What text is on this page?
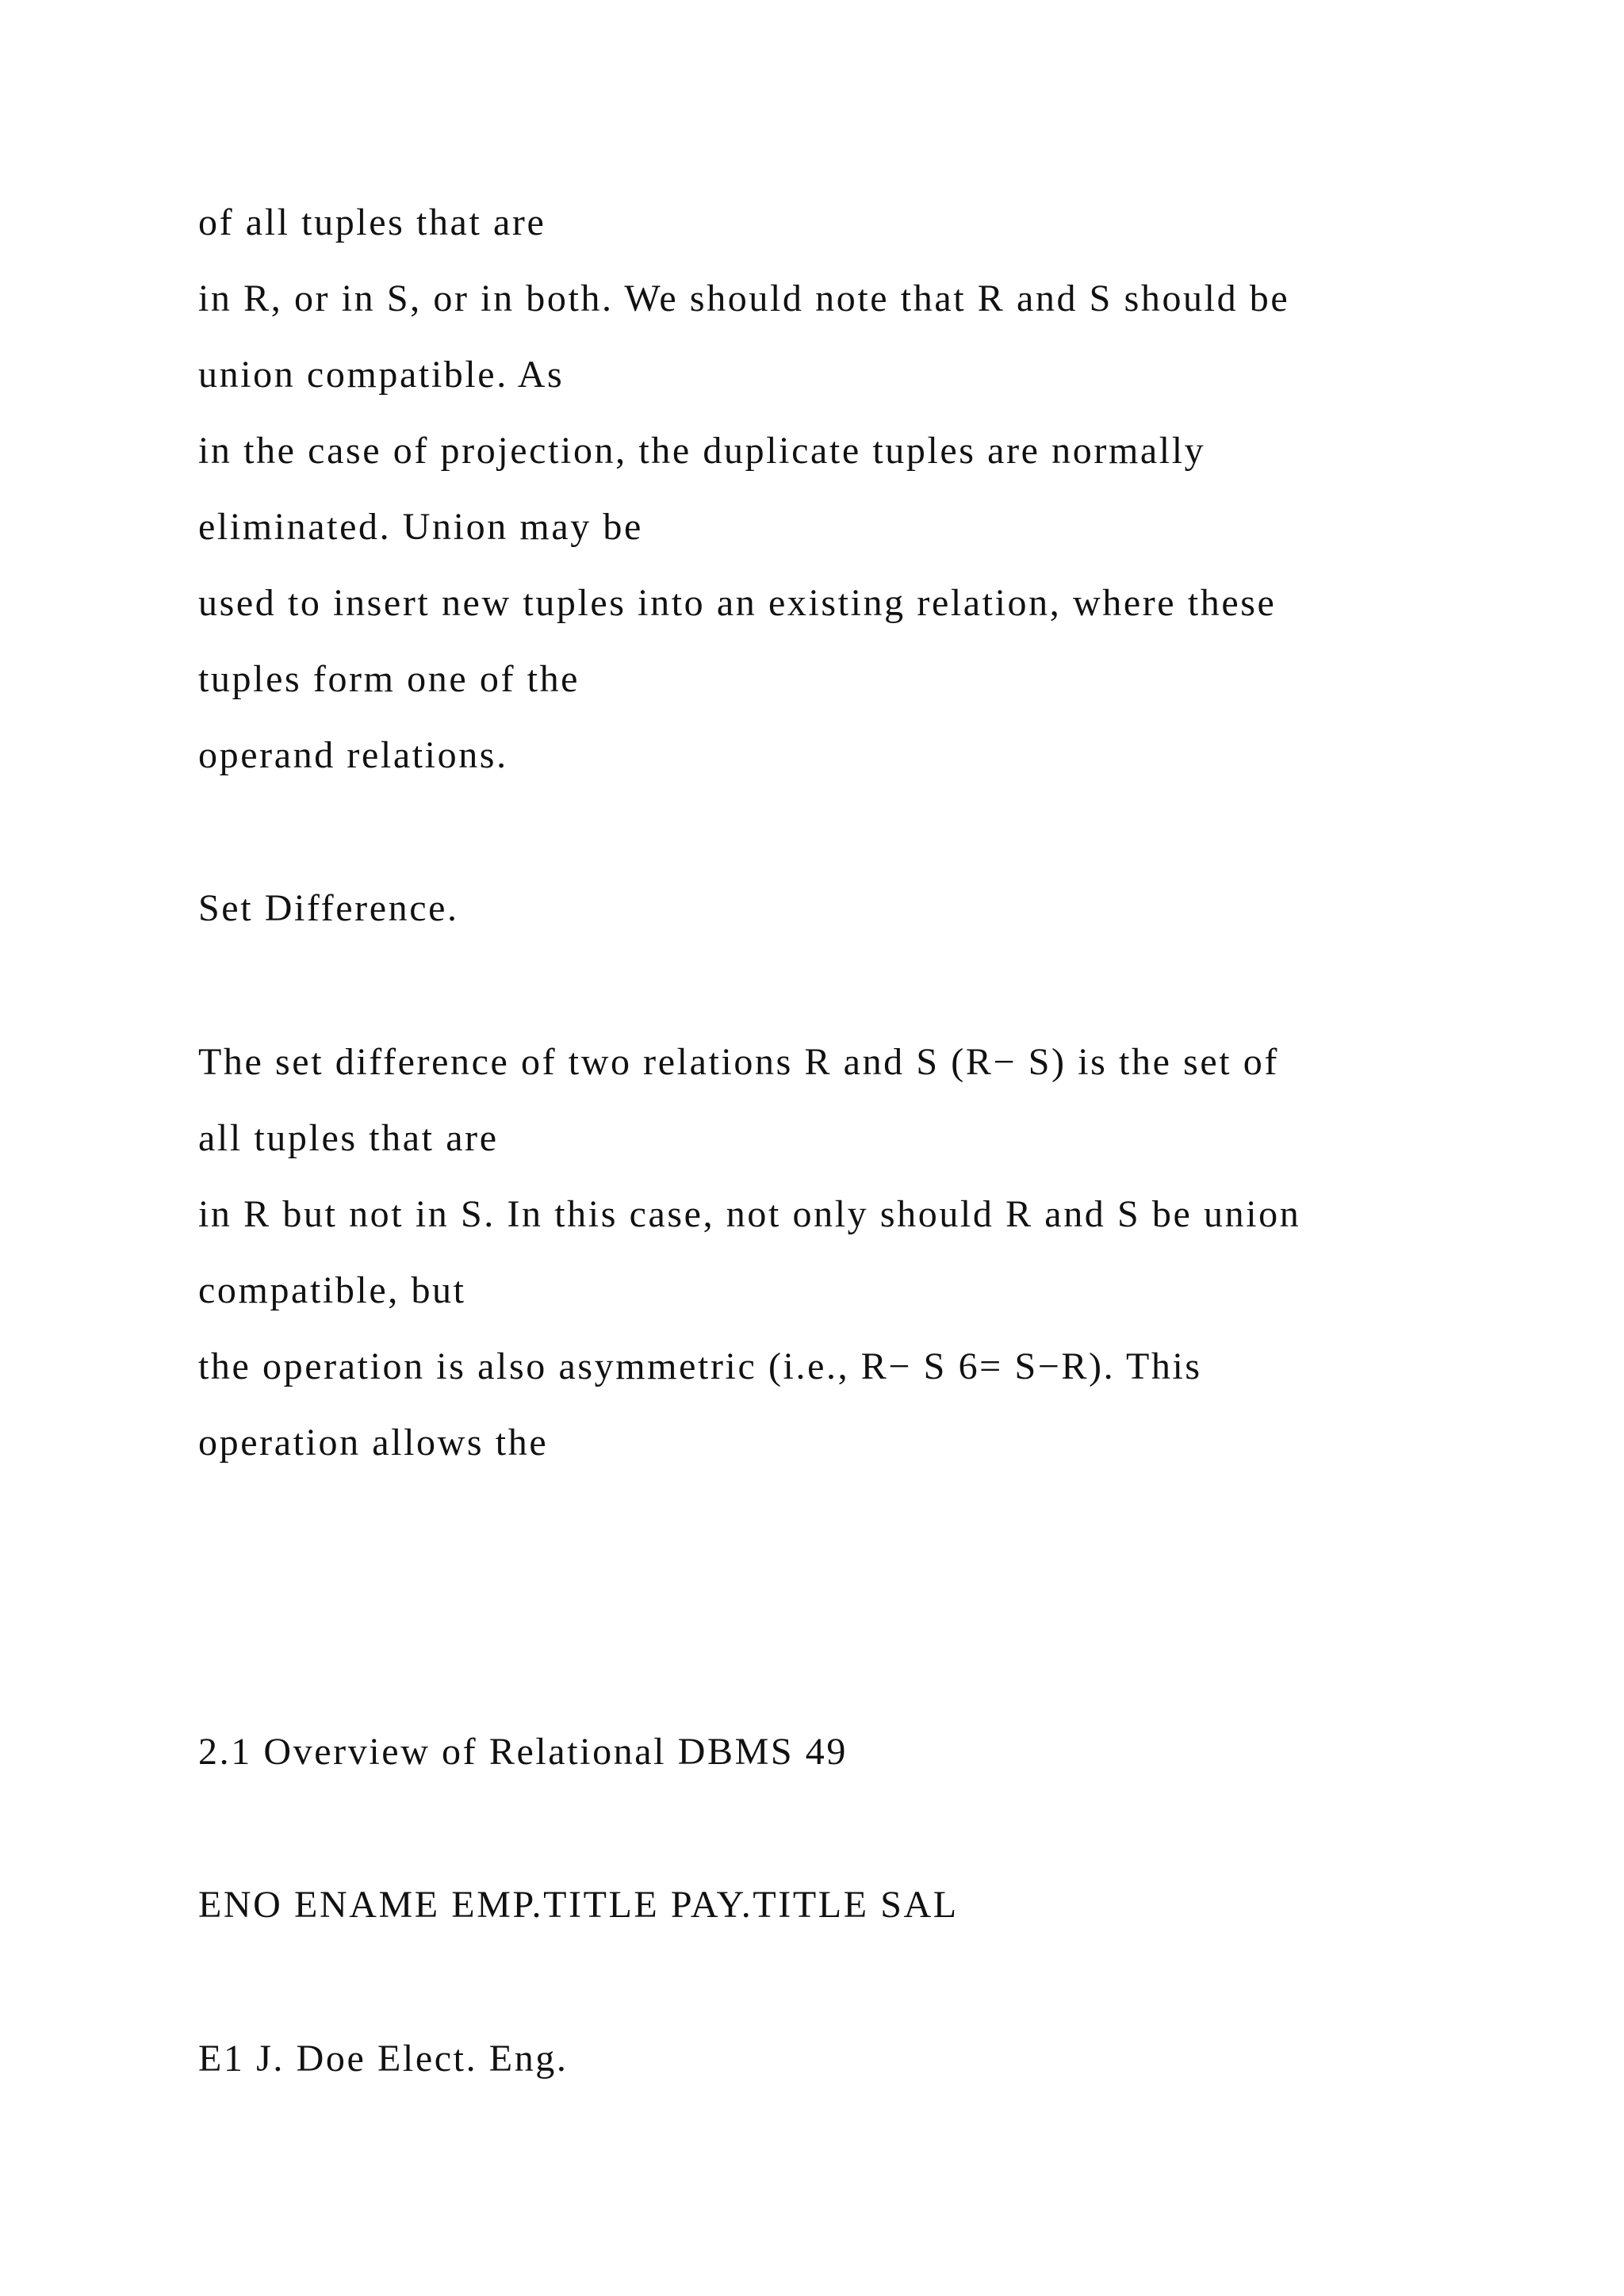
of all tuples that are
in R, or in S, or in both. We should note that R and S should be
union compatible. As
in the case of projection, the duplicate tuples are normally
eliminated. Union may be
used to insert new tuples into an existing relation, where these
tuples form one of the
operand relations.
Set Difference.
The set difference of two relations R and S (R− S) is the set of
all tuples that are
in R but not in S. In this case, not only should R and S be union
compatible, but
the operation is also asymmetric (i.e., R− S 6= S−R). This
operation allows the
2.1 Overview of Relational DBMS 49
ENO ENAME EMP.TITLE PAY.TITLE SAL
E1 J. Doe Elect. Eng.
